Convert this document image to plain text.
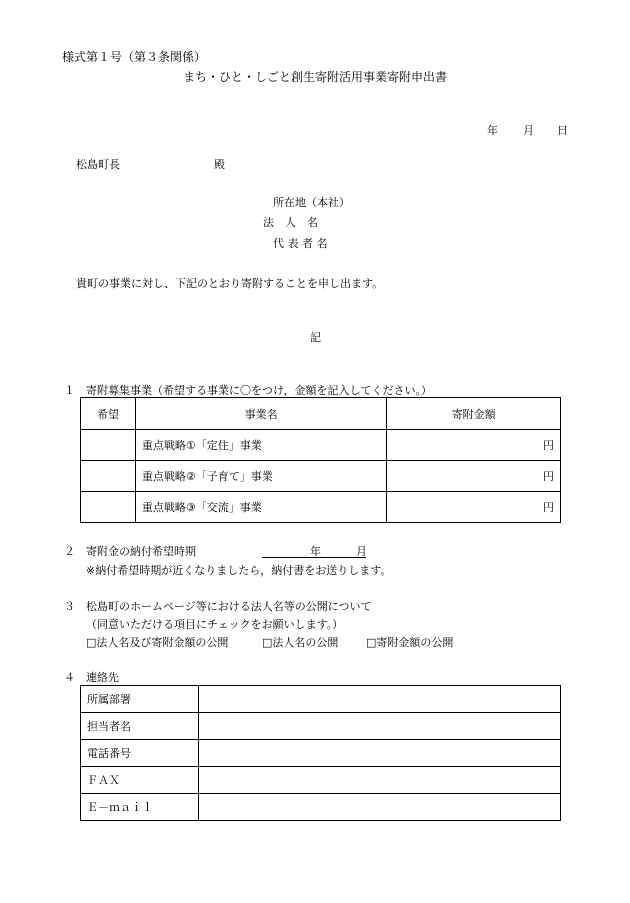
様式第１号（第３条関係）
まち・ひと・しごと創生寄附活用事業寄附申出書
年 月 日
松島町長	殿
所在地（本社）
法　人　名
代 表 者 名
貴町の事業に対し、下記のとおり寄附することを申し出ます。
記
１ 寄附募集事業（希望する事業に〇をつけ，金額を記入してください。）
希望	事業名	寄附金額
	重点戦略①「定住」事業	円
	重点戦略②「子育て」事業	円
	重点戦略③「交流」事業	円
２ 寄附金の納付希望時期	年	月
※納付希望時期が近くなりましたら，納付書をお送りします。
３ 松島町のホームページ等における法人名等の公開について
（同意いただける項目にチェックをお願いします。）
□法人名及び寄附金額の公開	□法人名の公開	□寄附金額の公開
４ 連絡先
所属部署	
担当者名	
電話番号	
ＦＡＸ	
Ｅ－ｍａｉｌ	
